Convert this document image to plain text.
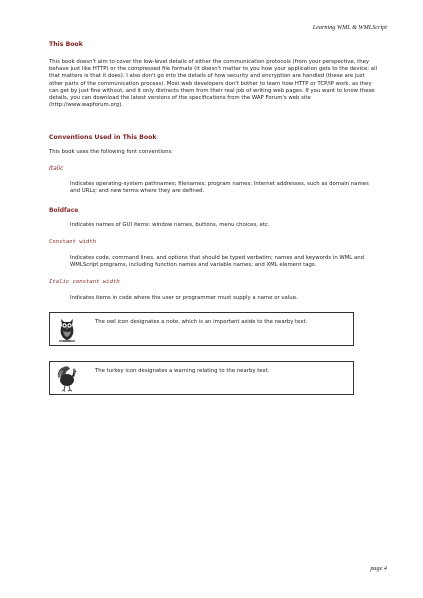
Learning WML & WMLScript
This Book

This book doesn't aim to cover the low-level details of either the communication protocols (from your perspective, they behave just like HTTP) or the compressed file formats (it doesn't matter to you how your application gets to the device; all that matters is that it does). I also don't go into the details of how security and encryption are handled (these are just other parts of the communication process). Most web developers don't bother to learn how HTTP or TCP/IP work, as they can get by just fine without, and it only distracts them from their real job of writing web pages. If you want to know these details, you can download the latest versions of the specifications from the WAP Forum's web site (http://www.wapforum.org).

Conventions Used in This Book

This book uses the following font conventions:

Italic

Indicates operating-system pathnames; filenames; program names; Internet addresses, such as domain names and URLs; and new terms where they are defined.

Boldface

Indicates names of GUI items: window names, buttons, menu choices, etc.

Constant width

Indicates code, command lines, and options that should be typed verbatim; names and keywords in WML and WMLScript programs, including function names and variable names; and XML element tags.

Italic constant width

Indicates items in code where the user or programmer must supply a name or value.

The owl icon designates a note, which is an important aside to the nearby text.
The turkey icon designates a warning relating to the nearby text.
page 4
